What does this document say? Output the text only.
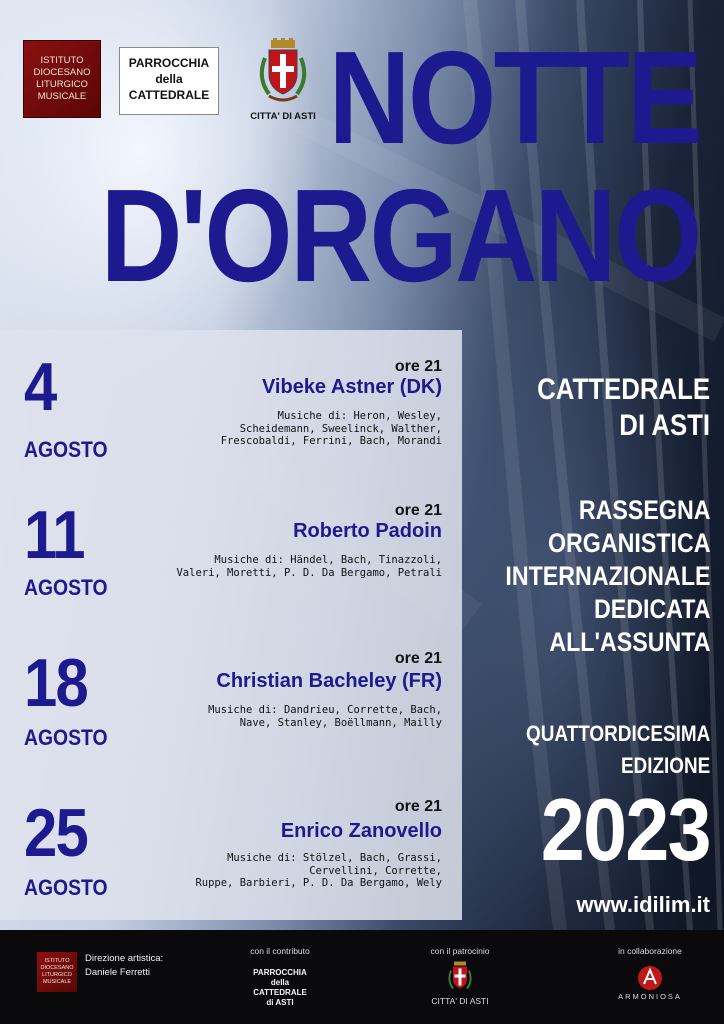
ISTITUTO
DIOCESANO
LITURGICO
MUSICALE
PARROCCHIA
della
CATTEDRALE
CITTA' DI ASTI NOTTE
D'ORGANO
4
AGOSTO
ore 21
Vibeke Astner (DK)
Musiche di: Heron, Wesley,
Scheidemann, Sweelinck, Walther,
Frescobaldi, Ferrini, Bach, Morandi
11
AGOSTO
ore 21
Roberto Padoin
Musiche di: Händel, Bach, Tinazzoli,
Valeri, Moretti, P. D. Da Bergamo, Petrali
18
AGOSTO
ore 21
Christian Bacheley (FR)
Musiche di: Dandrieu, Corrette, Bach,
Nave, Stanley, Boëllmann, Mailly
25
AGOSTO
ore 21
Enrico Zanovello
Musiche di: Stölzel, Bach, Grassi,
Cervellini, Corrette,
Ruppe, Barbieri, P. D. Da Bergamo, Wely
CATTEDRALE
DI ASTI
RASSEGNA
ORGANISTICA
INTERNAZIONALE
DEDICATA
ALL'ASSUNTA
QUATTORDICESIMA
EDIZIONE
2023
www.idilim.it
ISTITUTO
DIOCESANO
LITURGICO
MUSICALE
Direzione artistica:
Daniele Ferretti
con il contributo
PARROCCHIA
della
CATTEDRALE
di ASTI
con il patrocinio
CITTA' DI ASTI
in collaborazione
ARMONIOSA
